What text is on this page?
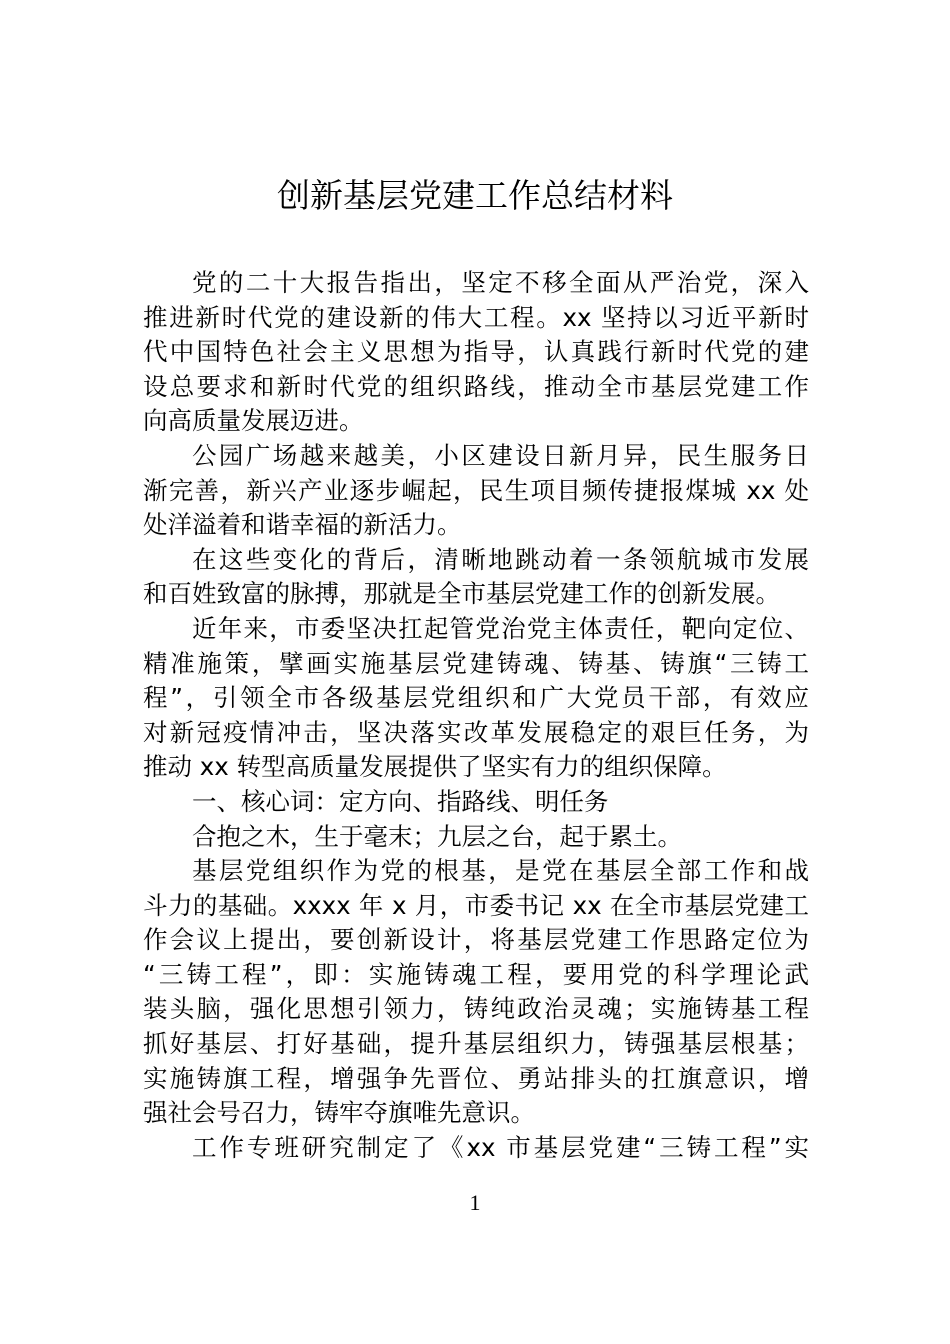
创新基层党建工作总结材料
党的二十大报告指出，坚定不移全面从严治党，深入
推进新时代党的建设新的伟大工程。xx 坚持以习近平新时
代中国特色社会主义思想为指导，认真践行新时代党的建
设总要求和新时代党的组织路线，推动全市基层党建工作
向高质量发展迈进。
公园广场越来越美，小区建设日新月异，民生服务日
渐完善，新兴产业逐步崛起，民生项目频传捷报煤城 xx 处
处洋溢着和谐幸福的新活力。
在这些变化的背后，清晰地跳动着一条领航城市发展
和百姓致富的脉搏，那就是全市基层党建工作的创新发展。
近年来，市委坚决扛起管党治党主体责任，靶向定位、
精准施策，擘画实施基层党建铸魂、铸基、铸旗“三铸工
程”，引领全市各级基层党组织和广大党员干部，有效应
对新冠疫情冲击，坚决落实改革发展稳定的艰巨任务，为
推动 xx 转型高质量发展提供了坚实有力的组织保障。
一、核心词：定方向、指路线、明任务
合抱之木，生于毫末；九层之台，起于累土。
基层党组织作为党的根基，是党在基层全部工作和战
斗力的基础。xxxx 年 x 月，市委书记 xx 在全市基层党建工
作会议上提出，要创新设计，将基层党建工作思路定位为
“三铸工程”，即：实施铸魂工程，要用党的科学理论武
装头脑，强化思想引领力，铸纯政治灵魂；实施铸基工程
抓好基层、打好基础，提升基层组织力，铸强基层根基；
实施铸旗工程，增强争先晋位、勇站排头的扛旗意识，增
强社会号召力，铸牢夺旗唯先意识。
工作专班研究制定了《xx 市基层党建“三铸工程”实
1
